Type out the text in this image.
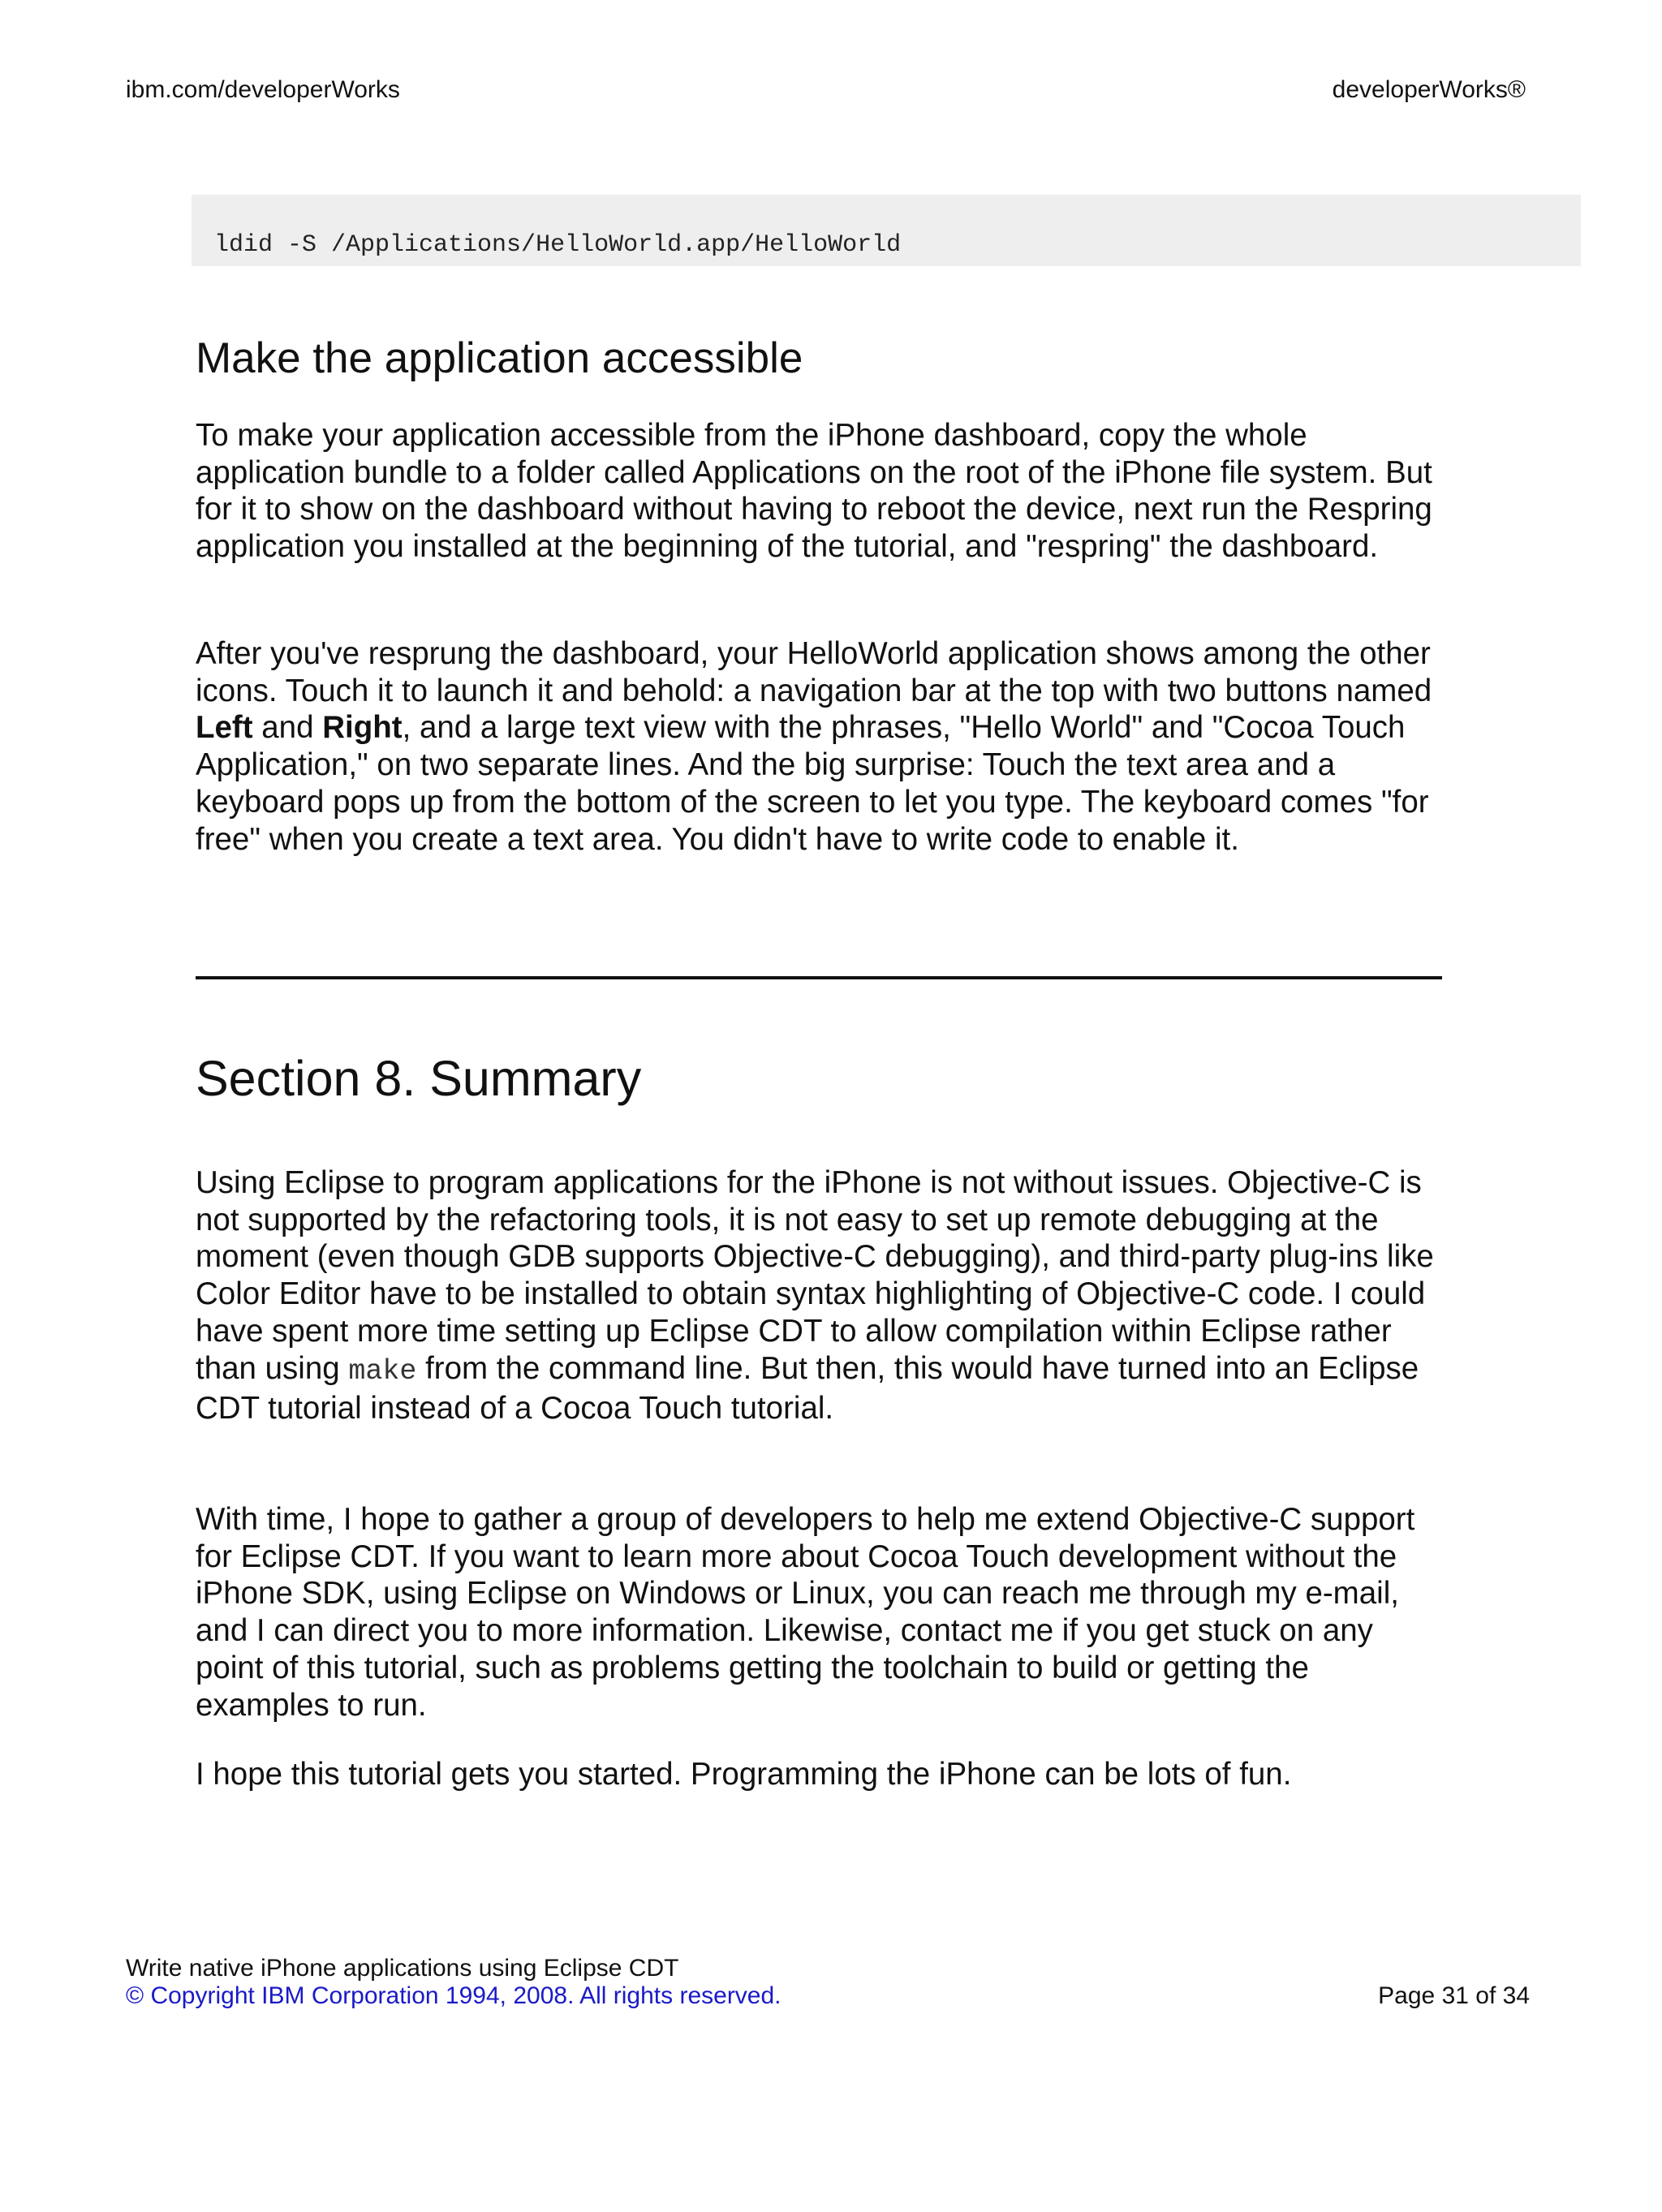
ibm.com/developerWorks	developerWorks®
ldid -S /Applications/HelloWorld.app/HelloWorld
Make the application accessible

To make your application accessible from the iPhone dashboard, copy the whole application bundle to a folder called Applications on the root of the iPhone file system. But for it to show on the dashboard without having to reboot the device, next run the Respring application you installed at the beginning of the tutorial, and "respring" the dashboard.

After you've resprung the dashboard, your HelloWorld application shows among the other icons. Touch it to launch it and behold: a navigation bar at the top with two buttons named Left and Right, and a large text view with the phrases, "Hello World" and "Cocoa Touch Application," on two separate lines. And the big surprise: Touch the text area and a keyboard pops up from the bottom of the screen to let you type. The keyboard comes "for free" when you create a text area. You didn't have to write code to enable it.

Section 8. Summary

Using Eclipse to program applications for the iPhone is not without issues. Objective-C is not supported by the refactoring tools, it is not easy to set up remote debugging at the moment (even though GDB supports Objective-C debugging), and third-party plug-ins like Color Editor have to be installed to obtain syntax highlighting of Objective-C code. I could have spent more time setting up Eclipse CDT to allow compilation within Eclipse rather than using make from the command line. But then, this would have turned into an Eclipse CDT tutorial instead of a Cocoa Touch tutorial.

With time, I hope to gather a group of developers to help me extend Objective-C support for Eclipse CDT. If you want to learn more about Cocoa Touch development without the iPhone SDK, using Eclipse on Windows or Linux, you can reach me through my e-mail, and I can direct you to more information. Likewise, contact me if you get stuck on any point of this tutorial, such as problems getting the toolchain to build or getting the examples to run.

I hope this tutorial gets you started. Programming the iPhone can be lots of fun.

Write native iPhone applications using Eclipse CDT
© Copyright IBM Corporation 1994, 2008. All rights reserved.	Page 31 of 34
